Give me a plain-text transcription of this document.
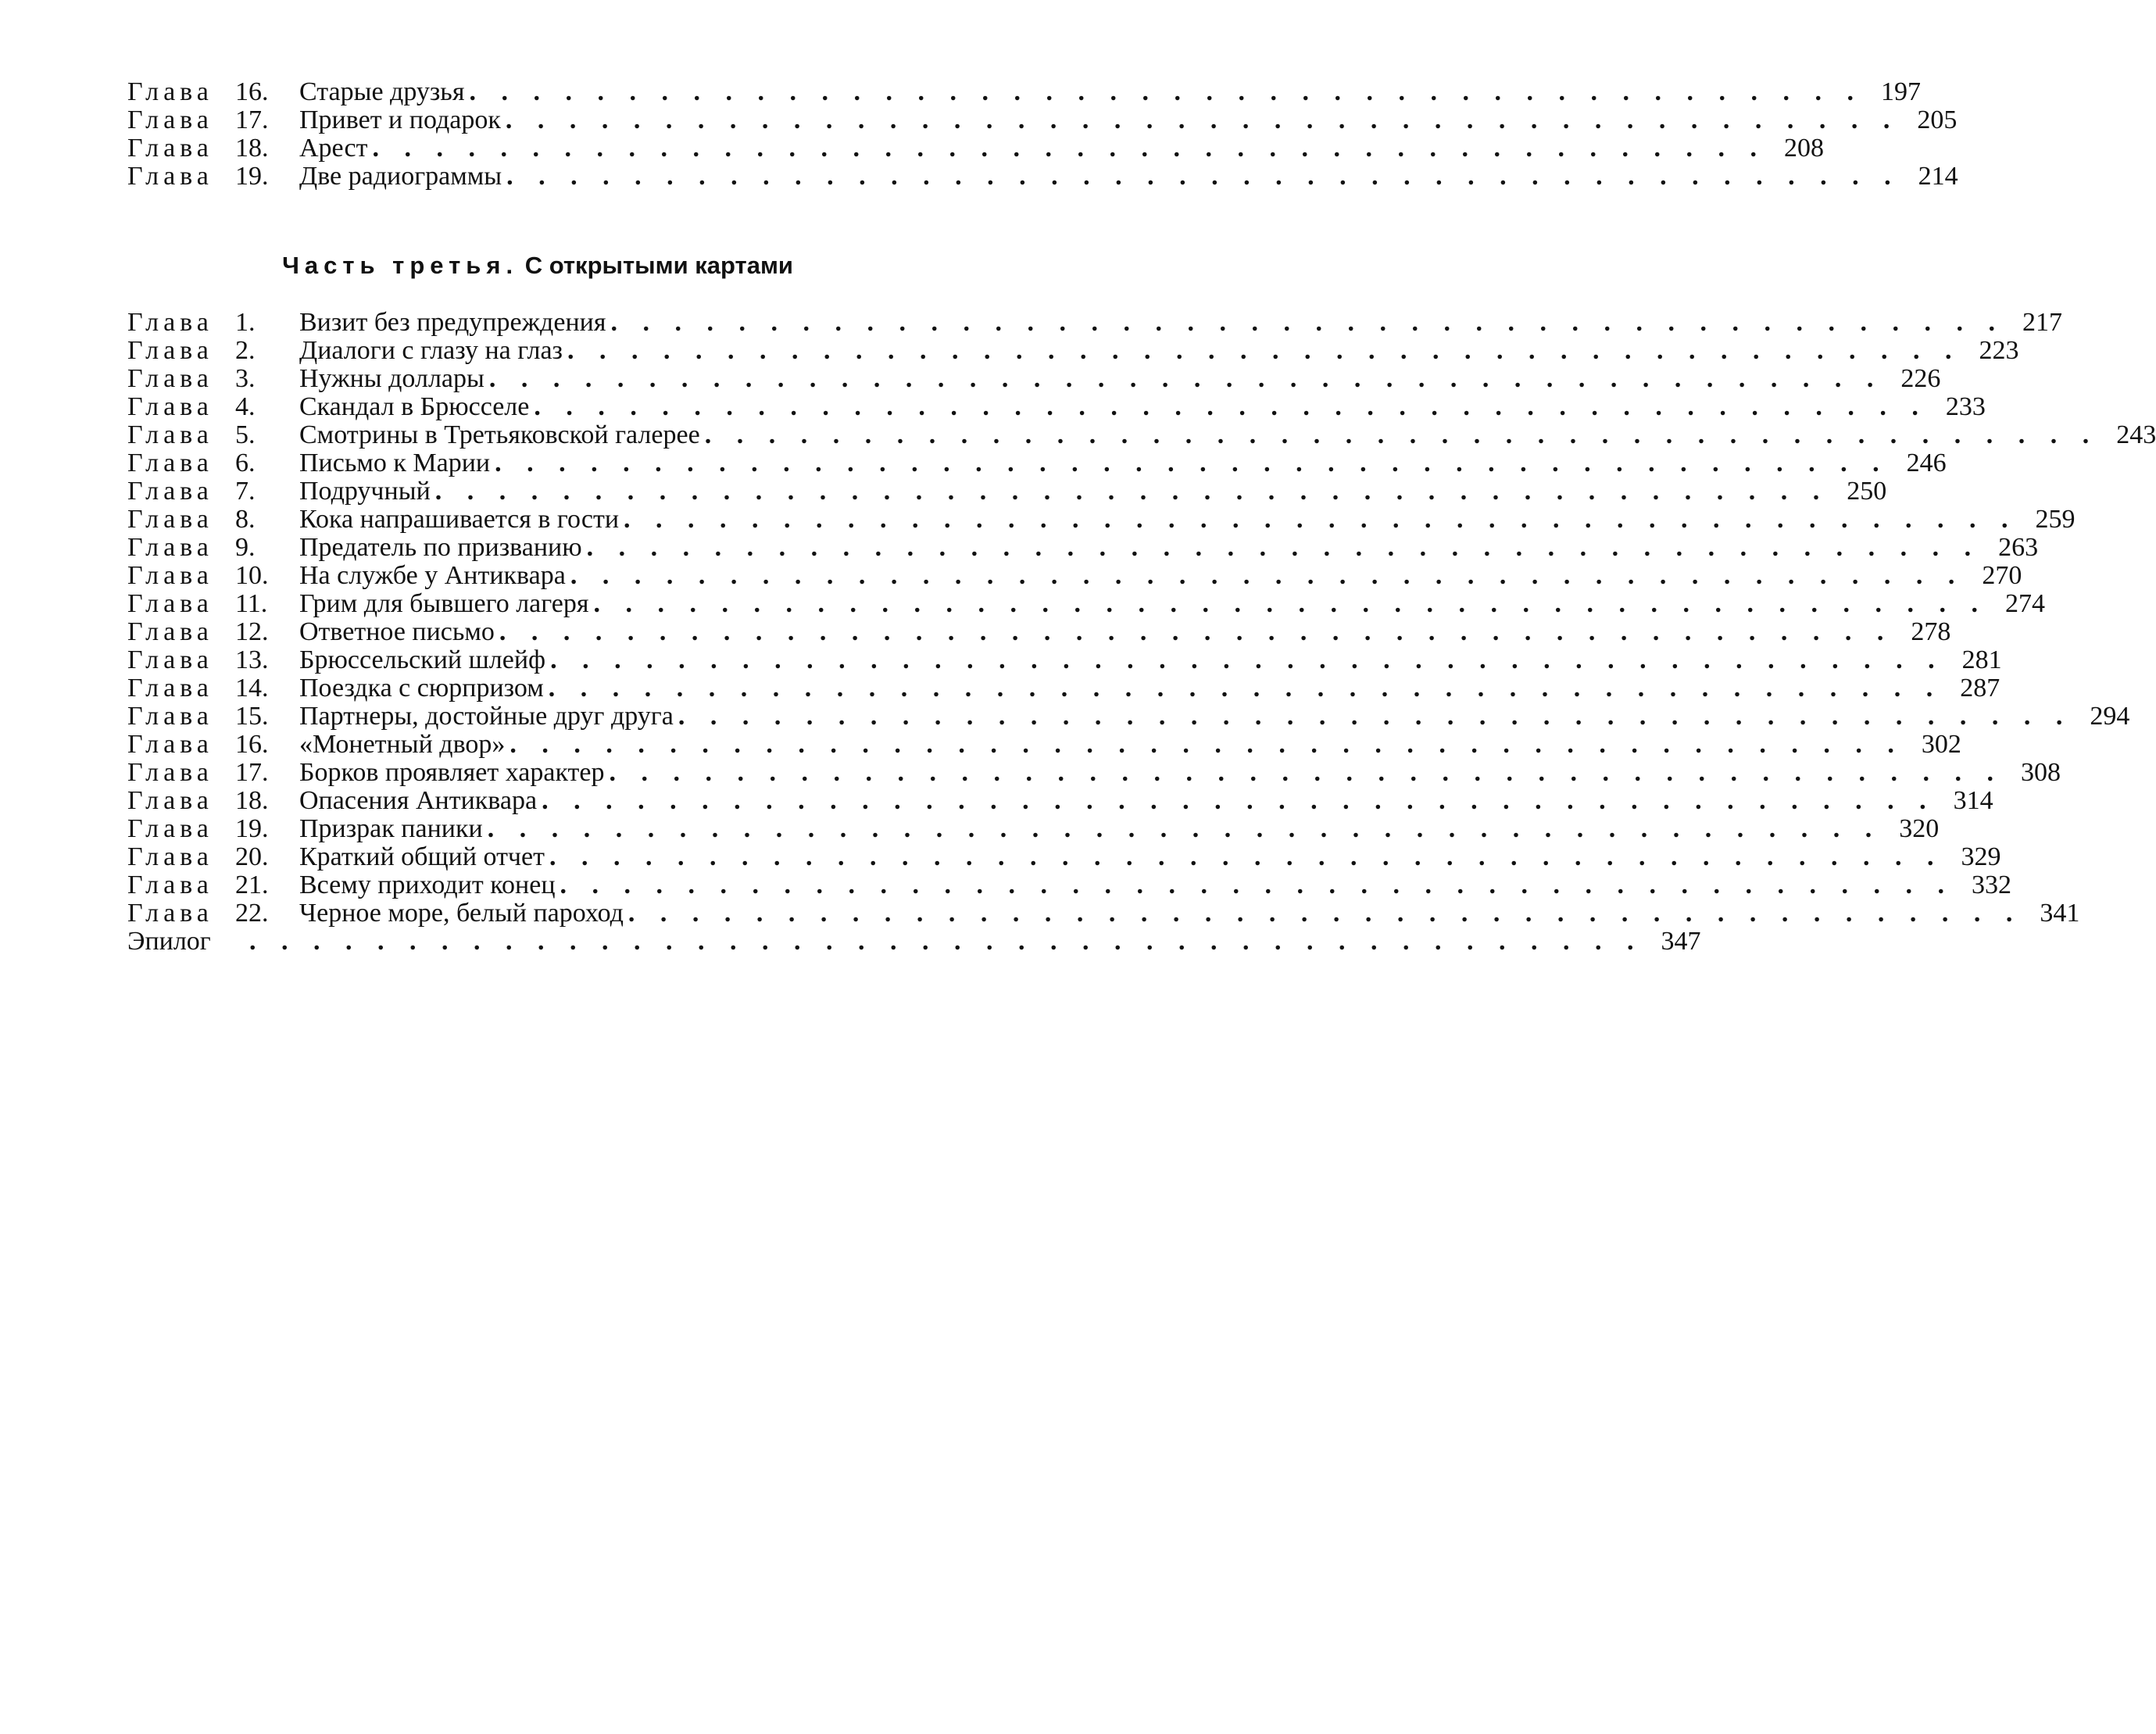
Глава 16.	Старые друзья . . . . . . . . . . . . . . . . . . . . . . . . . . . . . . . . . . . . . . . . . . . . 197
Глава 17.	Привет и подарок . . . . . . . . . . . . . . . . . . . . . . . . . . . . . . . . . . . . . . . . . . . . 205
Глава 18.	Арест . . . . . . . . . . . . . . . . . . . . . . . . . . . . . . . . . . . . . . . . . . . . 208
Глава 19.	Две радиограммы . . . . . . . . . . . . . . . . . . . . . . . . . . . . . . . . . . . . . . . . . . . . 214
Часть третья. С открытыми картами
Глава 1.	Визит без предупреждения . . . . . . . . . . . . . . . . . . . . . . . . . . . . . . . . . . . . . . . . . . . . 217
Глава 2.	Диалоги с глазу на глаз . . . . . . . . . . . . . . . . . . . . . . . . . . . . . . . . . . . . . . . . . . . . 223
Глава 3.	Нужны доллары . . . . . . . . . . . . . . . . . . . . . . . . . . . . . . . . . . . . . . . . . . . . 226
Глава 4.	Скандал в Брюсселе . . . . . . . . . . . . . . . . . . . . . . . . . . . . . . . . . . . . . . . . . . . . 233
Глава 5.	Смотрины в Третьяковской галерее . . . . . . . . . . . . . . . . . . . . . . . . . . . . . . . . . . . . . . . . . . . . 243
Глава 6.	Письмо к Марии . . . . . . . . . . . . . . . . . . . . . . . . . . . . . . . . . . . . . . . . . . . . 246
Глава 7.	Подручный . . . . . . . . . . . . . . . . . . . . . . . . . . . . . . . . . . . . . . . . . . . . 250
Глава 8.	Кока напрашивается в гости . . . . . . . . . . . . . . . . . . . . . . . . . . . . . . . . . . . . . . . . . . . . 259
Глава 9.	Предатель по призванию . . . . . . . . . . . . . . . . . . . . . . . . . . . . . . . . . . . . . . . . . . . . 263
Глава 10.	На службе у Антиквара . . . . . . . . . . . . . . . . . . . . . . . . . . . . . . . . . . . . . . . . . . . . 270
Глава 11.	Грим для бывшего лагеря . . . . . . . . . . . . . . . . . . . . . . . . . . . . . . . . . . . . . . . . . . . . 274
Глава 12.	Ответное письмо . . . . . . . . . . . . . . . . . . . . . . . . . . . . . . . . . . . . . . . . . . . . 278
Глава 13.	Брюссельский шлейф . . . . . . . . . . . . . . . . . . . . . . . . . . . . . . . . . . . . . . . . . . . . 281
Глава 14.	Поездка с сюрпризом . . . . . . . . . . . . . . . . . . . . . . . . . . . . . . . . . . . . . . . . . . . . 287
Глава 15.	Партнеры, достойные друг друга . . . . . . . . . . . . . . . . . . . . . . . . . . . . . . . . . . . . . . . . . . . . 294
Глава 16.	«Монетный двор» . . . . . . . . . . . . . . . . . . . . . . . . . . . . . . . . . . . . . . . . . . . . 302
Глава 17.	Борков проявляет характер . . . . . . . . . . . . . . . . . . . . . . . . . . . . . . . . . . . . . . . . . . . . 308
Глава 18.	Опасения Антиквара . . . . . . . . . . . . . . . . . . . . . . . . . . . . . . . . . . . . . . . . . . . . 314
Глава 19.	Призрак паники . . . . . . . . . . . . . . . . . . . . . . . . . . . . . . . . . . . . . . . . . . . . 320
Глава 20.	Краткий общий отчет . . . . . . . . . . . . . . . . . . . . . . . . . . . . . . . . . . . . . . . . . . . . 329
Глава 21.	Всему приходит конец . . . . . . . . . . . . . . . . . . . . . . . . . . . . . . . . . . . . . . . . . . . . 332
Глава 22.	Черное море, белый пароход . . . . . . . . . . . . . . . . . . . . . . . . . . . . . . . . . . . . . . . . . . . . 341
Эпилог	. . . . . . . . . . . . . . . . . . . . . . . . . . . . . . . . . . . . . . . . . . . . 347
